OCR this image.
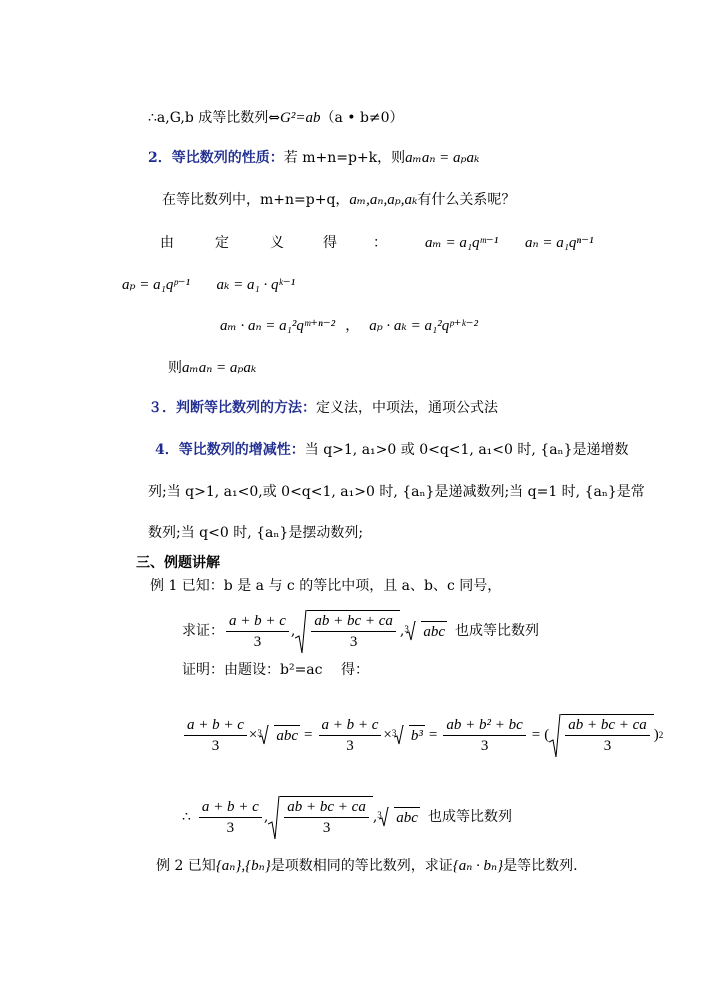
∴a,G,b 成等比数列⇔G²=ab（a • b≠0）
2．等比数列的性质：若 m+n=p+k，则aₘaₙ = aₚaₖ
在等比数列中，m+n=p+q，aₘ,aₙ,aₚ,aₖ有什么关系呢？
由	定	义	得	：	aₘ = a₁qᵐ⁻¹ aₙ = a₁qⁿ⁻¹
aₚ = a₁qᵖ⁻¹ aₖ = a₁ · qᵏ⁻¹
aₘ · aₙ = a₁²qᵐ⁺ⁿ⁻² ， aₚ · aₖ = a₁²qᵖ⁺ᵏ⁻²
则aₘaₙ = aₚaₖ
３．判断等比数列的方法：定义法，中项法，通项公式法
4．等比数列的增减性：当 q>1, a₁>0 或 0<q<1, a₁<0 时, {aₙ}是递增数
列;当 q>1, a₁<0,或 0<q<1, a₁>0 时, {aₙ}是递减数列;当 q=1 时, {aₙ}是常
数列;当 q<0 时, {aₙ}是摆动数列;
三、例题讲解
例 1 已知：b 是 a 与 c 的等比中项，且 a、b、c 同号，
求证： $\frac{a + b + c}{3}$ , $\frac{ab + bc + ca}{3}$ , 3 abc 也成等比数列
证明：由题设：b²=ac　 得：
$\frac{a + b + c}{3} \times 3$ abc = $\frac{a + b + c}{3} \times 3$ $b^3 = \frac{\text{ab + b² + bc}}{3}$ = ( $\frac{ab + bc + ca}{3}$ ) 2
∴ $\frac{a + b + c}{3}$ , $\frac{ab + bc + ca}{3}$ , 3 abc 也成等比数列
例 2 已知{aₙ},{bₙ}是项数相同的等比数列，求证{aₙ · bₙ}是等比数列.
